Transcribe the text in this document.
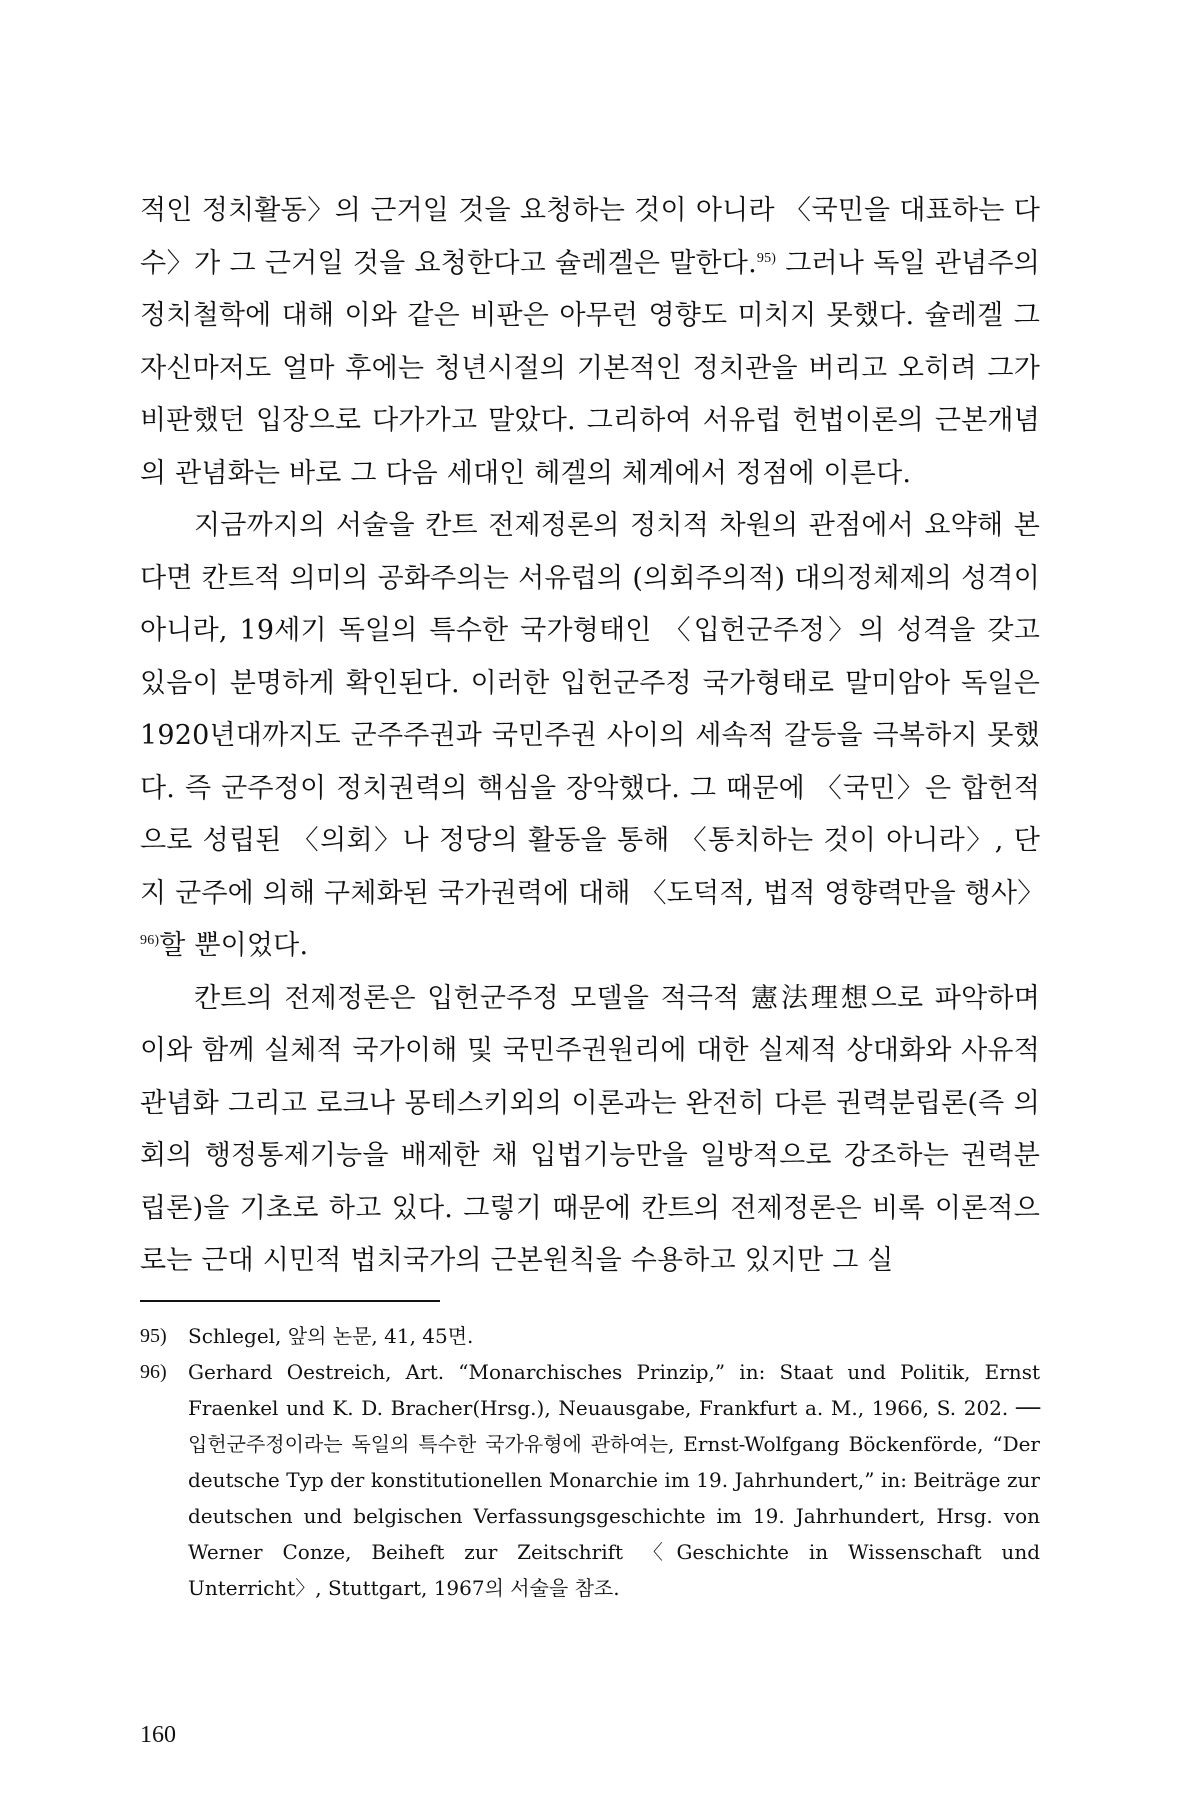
적인 정치활동〉의 근거일 것을 요청하는 것이 아니라 〈국민을 대표하는 다수〉가 그 근거일 것을 요청한다고 슐레겔은 말한다.$^{95)}$ 그러나 독일 관념주의 정치철학에 대해 이와 같은 비판은 아무런 영향도 미치지 못했다. 슐레겔 그 자신마저도 얼마 후에는 청년시절의 기본적인 정치관을 버리고 오히려 그가 비판했던 입장으로 다가가고 말았다. 그리하여 서유럽 헌법이론의 근본개념의 관념화는 바로 그 다음 세대인 헤겔의 체계에서 정점에 이른다.

지금까지의 서술을 칸트 전제정론의 정치적 차원의 관점에서 요약해 본다면 칸트적 의미의 공화주의는 서유럽의 (의회주의적) 대의정체제의 성격이 아니라, 19세기 독일의 특수한 국가형태인 〈입헌군주정〉의 성격을 갖고 있음이 분명하게 확인된다. 이러한 입헌군주정 국가형태로 말미암아 독일은 1920년대까지도 군주주권과 국민주권 사이의 세속적 갈등을 극복하지 못했다. 즉 군주정이 정치권력의 핵심을 장악했다. 그 때문에 〈국민〉은 합헌적으로 성립된 〈의회〉나 정당의 활동을 통해 〈통치하는 것이 아니라〉, 단지 군주에 의해 구체화된 국가권력에 대해 〈도덕적, 법적 영향력만을 행사〉$^{96)}$할 뿐이었다.

칸트의 전제정론은 입헌군주정 모델을 적극적 憲法理想으로 파악하며 이와 함께 실체적 국가이해 및 국민주권원리에 대한 실제적 상대화와 사유적 관념화 그리고 로크나 몽테스키외의 이론과는 완전히 다른 권력분립론(즉 의회의 행정통제기능을 배제한 채 입법기능만을 일방적으로 강조하는 권력분립론)을 기초로 하고 있다. 그렇기 때문에 칸트의 전제정론은 비록 이론적으로는 근대 시민적 법치국가의 근본원칙을 수용하고 있지만 그 실

95)	Schlegel, 앞의 논문, 41, 45면.

96)	Gerhard Oestreich, Art. “Monarchisches Prinzip,” in: Staat und Politik, Ernst Fraenkel und K. D. Bracher(Hrsg.), Neuausgabe, Frankfurt a. M., 1966, S. 202. ── 입헌군주정이라는 독일의 특수한 국가유형에 관하여는, Ernst-Wolfgang Böckenförde, “Der deutsche Typ der konstitutionellen Monarchie im 19. Jahrhundert,” in: Beiträge zur deutschen und belgischen Verfassungsgeschichte im 19. Jahrhundert, Hrsg. von Werner Conze, Beiheft zur Zeitschrift 〈Geschichte in Wissenschaft und Unterricht〉, Stuttgart, 1967의 서술을 참조.

160
